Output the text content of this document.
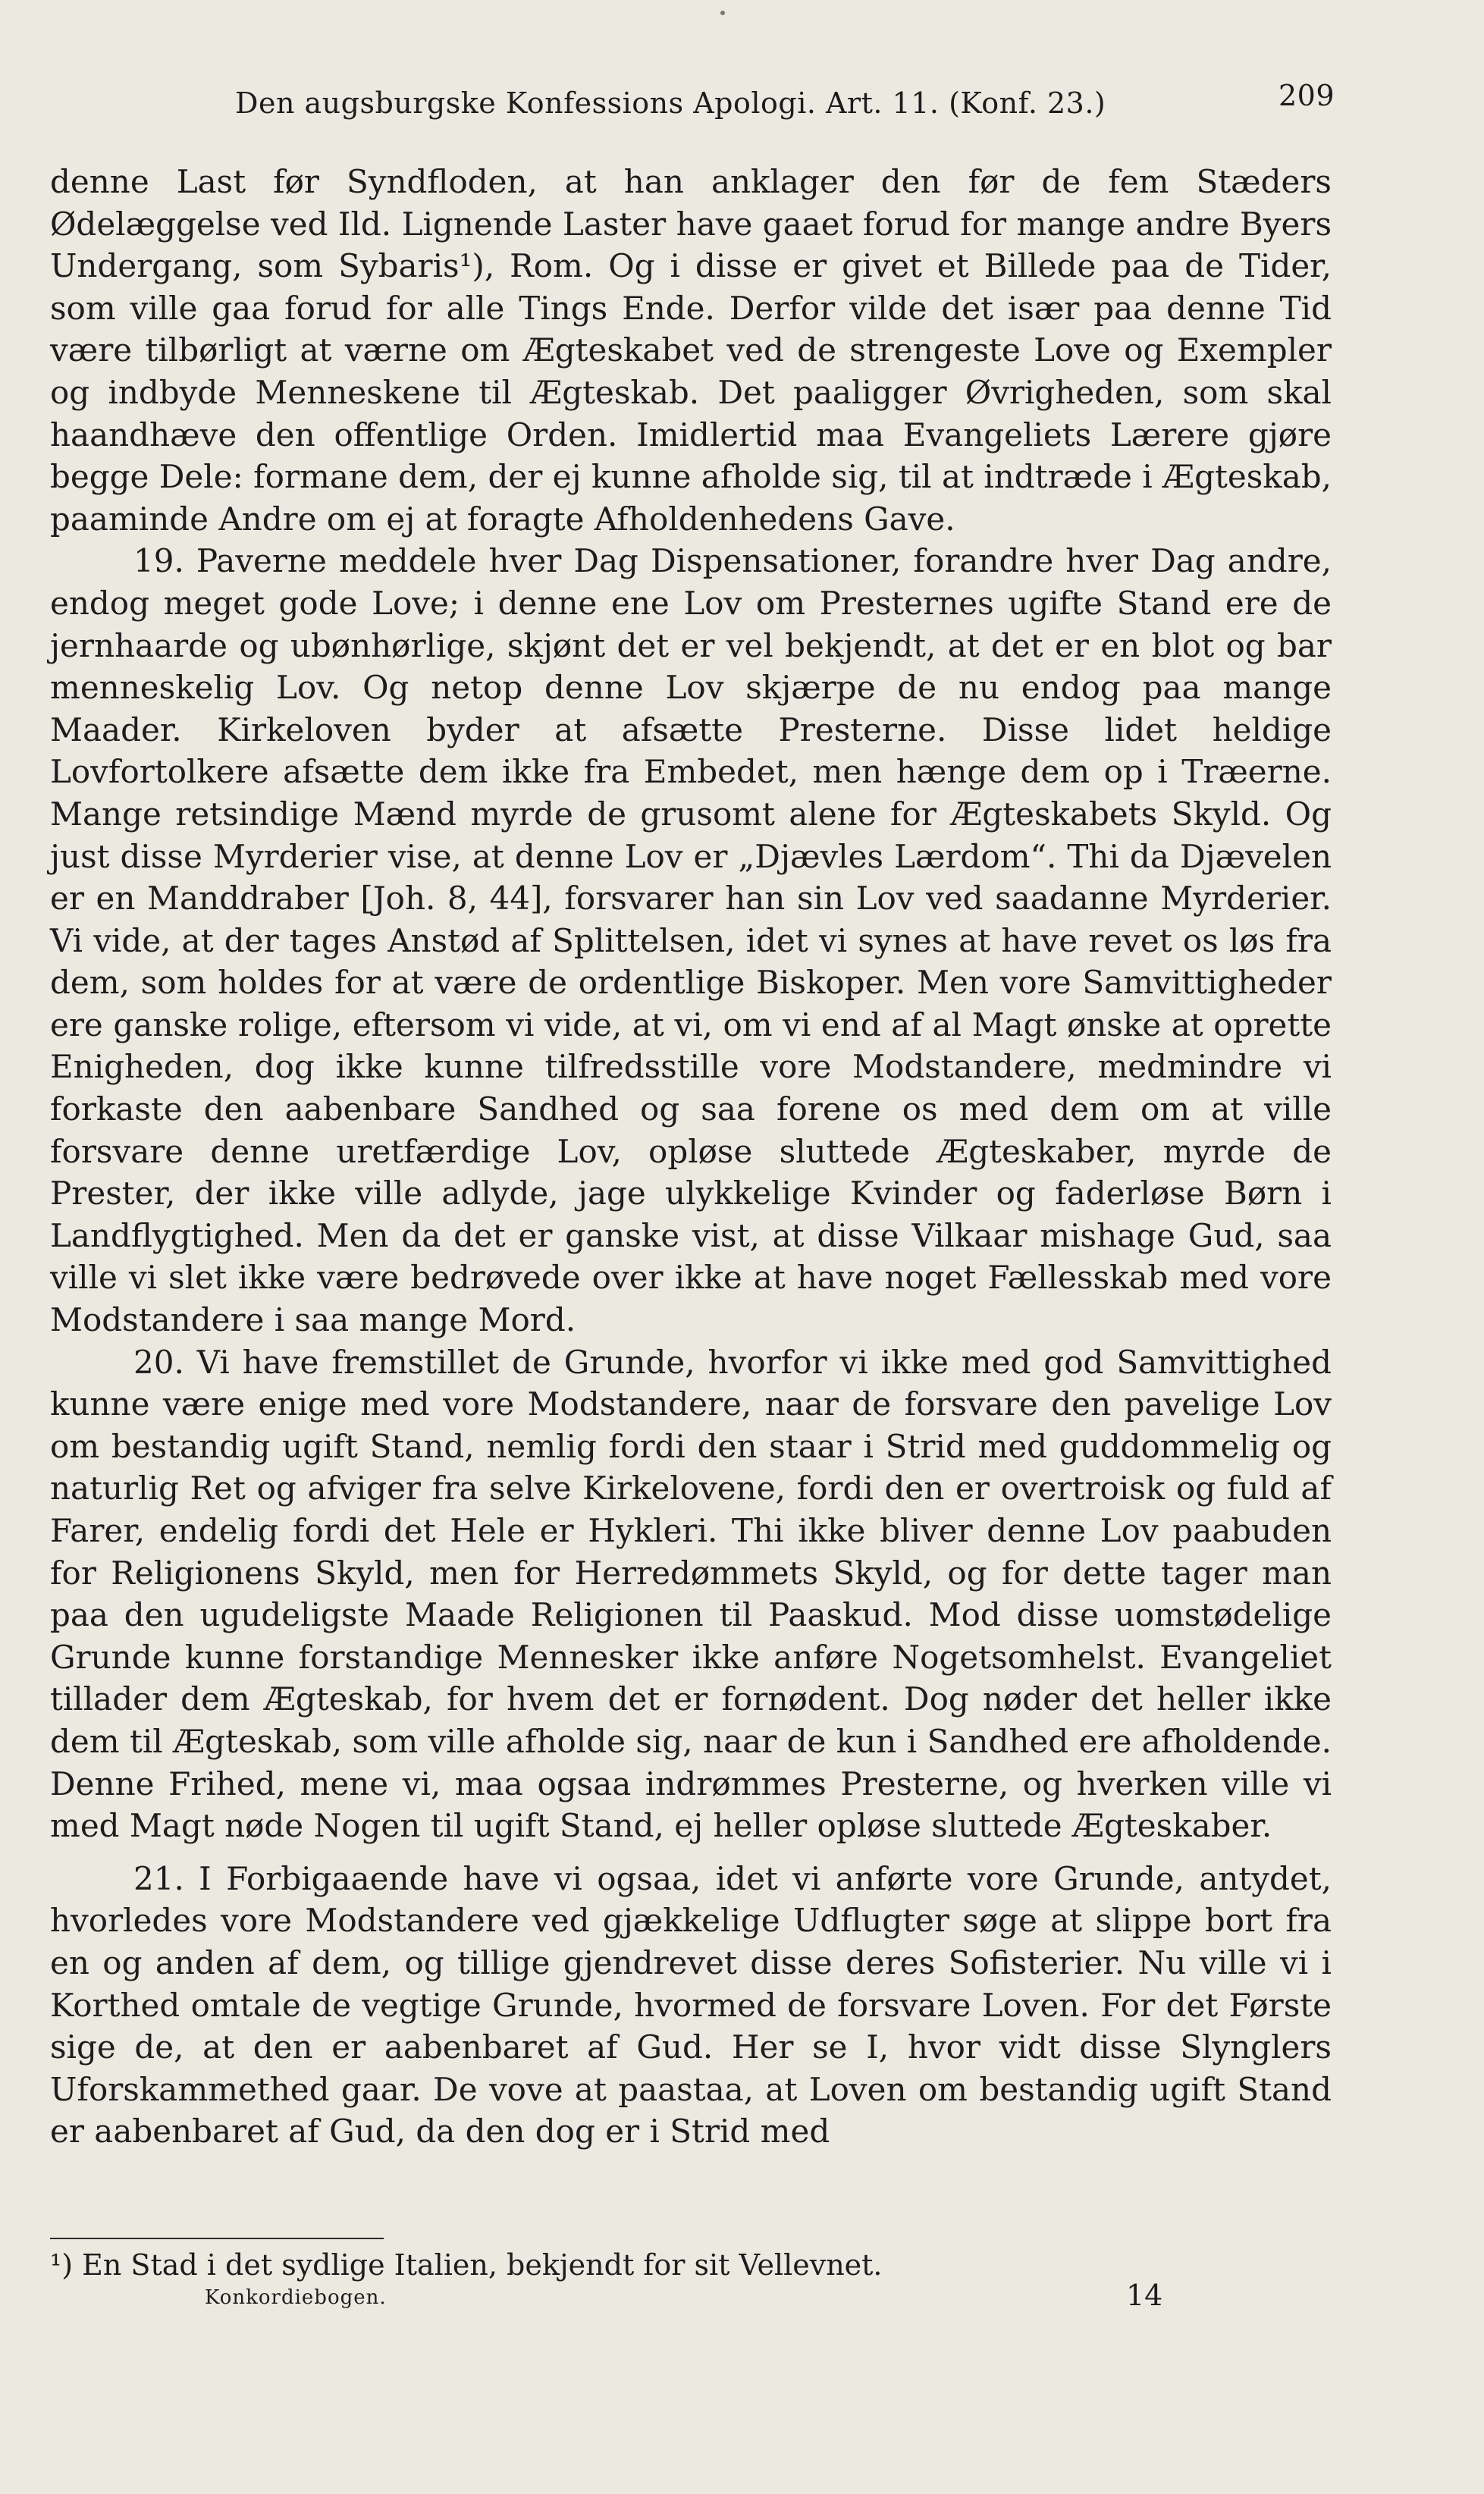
Den augsburgske Konfessions Apologi. Art. 11. (Konf. 23.)	209

denne Last før Syndfloden, at han anklager den før de fem Stæders Ødelæggelse ved Ild. Lignende Laster have gaaet forud for mange andre Byers Undergang, som Sybaris¹), Rom. Og i disse er givet et Billede paa de Tider, som ville gaa forud for alle Tings Ende. Derfor vilde det især paa denne Tid være tilbørligt at værne om Ægteskabet ved de strengeste Love og Exempler og indbyde Menneskene til Ægteskab. Det paaligger Øvrigheden, som skal haandhæve den offentlige Orden. Imidlertid maa Evangeliets Lærere gjøre begge Dele: formane dem, der ej kunne afholde sig, til at indtræde i Ægteskab, paaminde Andre om ej at foragte Afholdenhedens Gave.

19. Paverne meddele hver Dag Dispensationer, forandre hver Dag andre, endog meget gode Love; i denne ene Lov om Presternes ugifte Stand ere de jernhaarde og ubønhørlige, skjønt det er vel bekjendt, at det er en blot og bar menneskelig Lov. Og netop denne Lov skjærpe de nu endog paa mange Maader. Kirkeloven byder at afsætte Presterne. Disse lidet heldige Lovfortolkere afsætte dem ikke fra Embedet, men hænge dem op i Træerne. Mange retsindige Mænd myrde de grusomt alene for Ægteskabets Skyld. Og just disse Myrderier vise, at denne Lov er „Djævles Lærdom“. Thi da Djævelen er en Manddraber [Joh. 8, 44], forsvarer han sin Lov ved saadanne Myrderier. Vi vide, at der tages Anstød af Splittelsen, idet vi synes at have revet os løs fra dem, som holdes for at være de ordentlige Biskoper. Men vore Samvittigheder ere ganske rolige, eftersom vi vide, at vi, om vi end af al Magt ønske at oprette Enigheden, dog ikke kunne tilfredsstille vore Modstandere, medmindre vi forkaste den aabenbare Sandhed og saa forene os med dem om at ville forsvare denne uretfærdige Lov, opløse sluttede Ægteskaber, myrde de Prester, der ikke ville adlyde, jage ulykkelige Kvinder og faderløse Børn i Landflygtighed. Men da det er ganske vist, at disse Vilkaar mishage Gud, saa ville vi slet ikke være bedrøvede over ikke at have noget Fællesskab med vore Modstandere i saa mange Mord.

20. Vi have fremstillet de Grunde, hvorfor vi ikke med god Samvittighed kunne være enige med vore Modstandere, naar de forsvare den pavelige Lov om bestandig ugift Stand, nemlig fordi den staar i Strid med guddommelig og naturlig Ret og afviger fra selve Kirkelovene, fordi den er overtroisk og fuld af Farer, endelig fordi det Hele er Hykleri. Thi ikke bliver denne Lov paabuden for Religionens Skyld, men for Herredømmets Skyld, og for dette tager man paa den ugudeligste Maade Religionen til Paaskud. Mod disse uomstødelige Grunde kunne forstandige Mennesker ikke anføre Nogetsomhelst. Evangeliet tillader dem Ægteskab, for hvem det er fornødent. Dog nøder det heller ikke dem til Ægteskab, som ville afholde sig, naar de kun i Sandhed ere afholdende. Denne Frihed, mene vi, maa ogsaa indrømmes Presterne, og hverken ville vi med Magt nøde Nogen til ugift Stand, ej heller opløse sluttede Ægteskaber.

21. I Forbigaaende have vi ogsaa, idet vi anførte vore Grunde, antydet, hvorledes vore Modstandere ved gjækkelige Udflugter søge at slippe bort fra en og anden af dem, og tillige gjendrevet disse deres Sofisterier. Nu ville vi i Korthed omtale de vegtige Grunde, hvormed de forsvare Loven. For det Første sige de, at den er aabenbaret af Gud. Her se I, hvor vidt disse Slynglers Uforskammethed gaar. De vove at paastaa, at Loven om bestandig ugift Stand er aabenbaret af Gud, da den dog er i Strid med

¹) En Stad i det sydlige Italien, bekjendt for sit Vellevnet.
Konkordiebogen.	14
